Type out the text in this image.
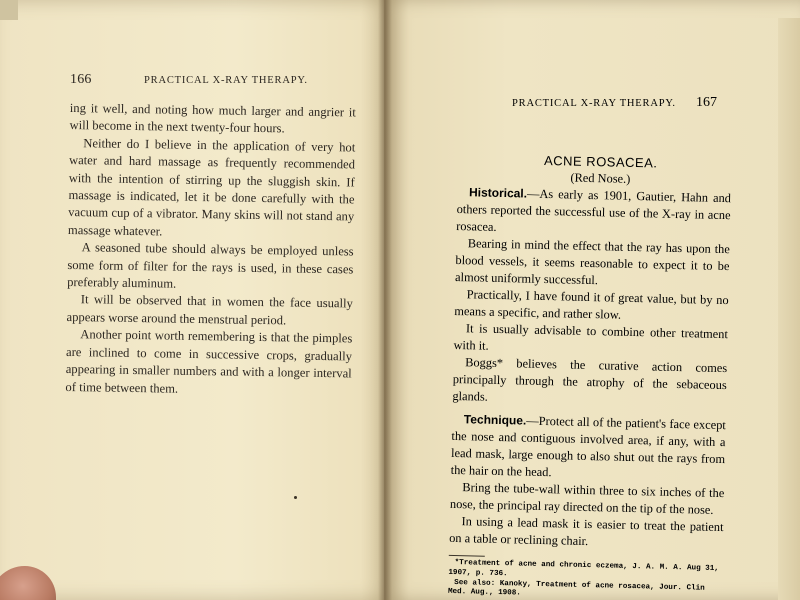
166	PRACTICAL X-RAY THERAPY.

ing it well, and noting how much larger and angrier it will become in the next twenty-four hours.

Neither do I believe in the application of very hot water and hard massage as frequently recommended with the intention of stirring up the sluggish skin. If massage is indicated, let it be done carefully with the vacuum cup of a vibrator. Many skins will not stand any massage whatever.

A seasoned tube should always be employed unless some form of filter for the rays is used, in these cases preferably aluminum.

It will be observed that in women the face usually appears worse around the menstrual period.

Another point worth remembering is that the pimples are inclined to come in successive crops, gradually appearing in smaller numbers and with a longer interval of time between them.

PRACTICAL X-RAY THERAPY. 167

ACNE ROSACEA.

(Red Nose.)

Historical.—As early as 1901, Gautier, Hahn and others reported the successful use of the X-ray in acne rosacea.

Bearing in mind the effect that the ray has upon the blood vessels, it seems reasonable to expect it to be almost uniformly successful.

Practically, I have found it of great value, but by no means a specific, and rather slow.

It is usually advisable to combine other treatment with it.

Boggs* believes the curative action comes principally through the atrophy of the sebaceous glands.

Technique.—Protect all of the patient's face except the nose and contiguous involved area, if any, with a lead mask, large enough to also shut out the rays from the hair on the head.

Bring the tube-wall within three to six inches of the nose, the principal ray directed on the tip of the nose.

In using a lead mask it is easier to treat the patient on a table or reclining chair.

*Treatment of acne and chronic eczema, J. A. M. A. Aug 31, 1907, p. 736.

See also: Kanoky, Treatment of acne rosacea, Jour. Clin Med. Aug., 1908.
